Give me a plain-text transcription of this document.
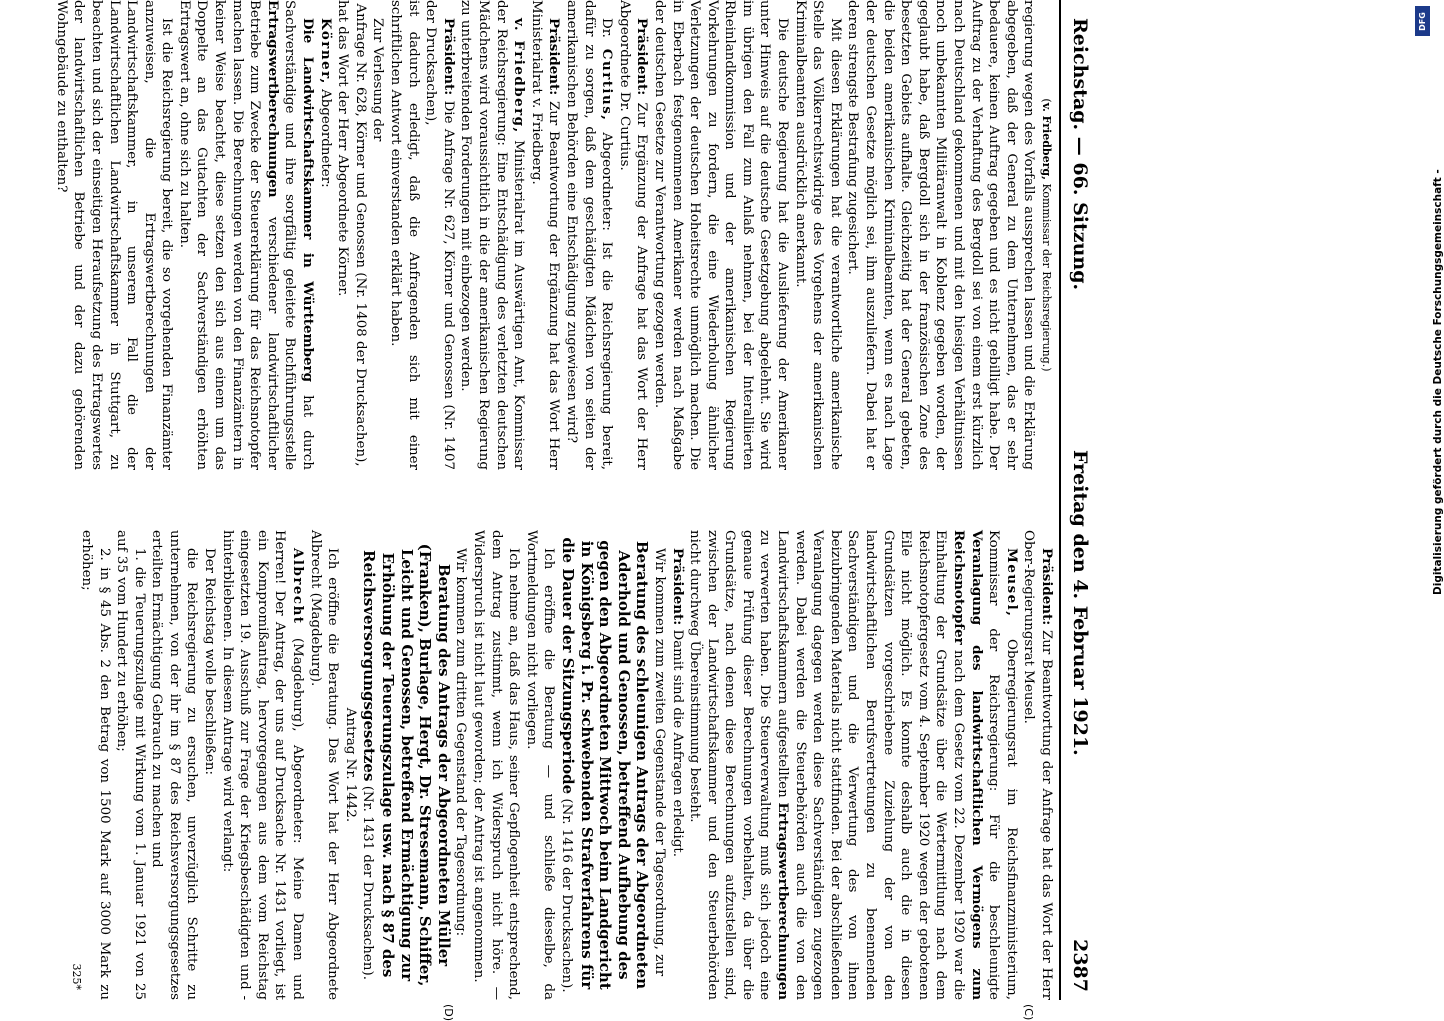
Reichstag. — 66. Sitzung.
Freitag den 4. Februar 1921.
2387

(v. Friedberg, Kommissar der Reichsregierung.)

regierung wegen des Vorfalls aussprechen lassen und die Erklärung abgegeben, daß der General zu dem Unternehmen, das er sehr bedauere, keinen Auftrag gegeben und es nicht gebilligt habe. Der Auftrag zu der Verhaftung des Bergdoll sei von einem erst kürzlich nach Deutschland gekommenen und mit den hiesigen Verhältnissen noch unbekannten Militäranwalt in Koblenz gegeben worden, der geglaubt habe, daß Bergdoll sich in der französischen Zone des besetzten Gebiets aufhalte. Gleichzeitig hat der General gebeten, die beiden amerikanischen Kriminalbeamten, wenn es nach Lage der deutschen Gesetze möglich sei, ihm auszuliefern. Dabei hat er deren strengste Bestrafung zugesichert.

Mit diesen Erklärungen hat die verantwortliche amerikanische Stelle das Völkerrechtswidrige des Vorgehens der amerikanischen Kriminalbeamten ausdrücklich anerkannt.

Die deutsche Regierung hat die Auslieferung der Amerikaner unter Hinweis auf die deutsche Gesetzgebung abgelehnt. Sie wird im übrigen den Fall zum Anlaß nehmen, bei der Interalliierten Rheinlandkommission und der amerikanischen Regierung Vorkehrungen zu fordern, die eine Wiederholung ähnlicher Verletzungen der deutschen Hoheitsrechte unmöglich machen. Die in Eberbach festgenommenen Amerikaner werden nach Maßgabe der deutschen Gesetze zur Verantwortung gezogen werden.

Präsident: Zur Ergänzung der Anfrage hat das Wort der Herr Abgeordnete Dr. Curtius.

Dr. Curtius, Abgeordneter: Ist die Reichsregierung bereit, dafür zu sorgen, daß dem geschädigten Mädchen von seiten der amerikanischen Behörden eine Entschädigung zugewiesen wird?

Präsident: Zur Beantwortung der Ergänzung hat das Wort Herr Ministerialrat v. Friedberg.

v. Friedberg, Ministerialrat im Auswärtigen Amt, Kommissar der Reichsregierung: Eine Entschädigung des verletzten deutschen Mädchens wird voraussichtlich in die der amerikanischen Regierung zu unterbreitenden Forderungen mit einbezogen werden.

Präsident: Die Anfrage Nr. 627, Körner und Genossen (Nr. 1407 der Drucksachen),

ist dadurch erledigt, daß die Anfragenden sich mit einer schriftlichen Antwort einverstanden erklärt haben.

Zur Verlesung der

Anfrage Nr. 628, Körner und Genossen (Nr. 1408 der Drucksachen),

hat das Wort der Herr Abgeordnete Körner.

Körner, Abgeordneter:

Die Landwirtschaftskammer in Württemberg hat durch Sachverständige und ihre sorgfältig geleitete Buchführungsstelle Ertragswertberechnungen verschiedener landwirtschaftlicher Betriebe zum Zwecke der Steuererklärung für das Reichsnotopfer machen lassen. Die Berechnungen werden von den Finanzämtern in keiner Weise beachtet, diese setzen den sich aus einem um das Doppelte an das Gutachten der Sachverständigen erhöhten Ertragswert an, ohne sich zu halten.

Ist die Reichsregierung bereit, die so vorgehenden Finanzämter anzuweisen, die Ertragswertberechnungen der Landwirtschaftskammer, in unserem Fall die der Landwirtschaftlichen Landwirtschaftskammer in Stuttgart, zu beachten und sich der einseitigen Heraufsetzung des Ertragswertes der landwirtschaftlichen Betriebe und der dazu gehörenden Wohngebäude zu enthalten?

Präsident: Zur Beantwortung der Anfrage hat das Wort der Herr Ober-Regierungsrat Meusel.

Meusel, Oberregierungsrat im Reichsfinanzministerium, Kommissar der Reichsregierung: Für die beschleunigte Veranlagung des landwirtschaftlichen Vermögens zum Reichsnotopfer nach dem Gesetz vom 22. Dezember 1920 war die Einhaltung der Grundsätze über die Wertermittlung nach dem Reichsnotopfergesetz vom 4. September 1920 wegen der gebotenen Eile nicht möglich. Es konnte deshalb auch die in diesen Grundsätzen vorgeschriebene Zuziehung der von den landwirtschaftlichen Berufsvertretungen zu benennenden Sachverständigen und die Verwertung des von ihnen beizubringenden Materials nicht stattfinden. Bei der abschließenden Veranlagung dagegen werden diese Sachverständigen zugezogen werden. Dabei werden die Steuerbehörden auch die von den Landwirtschaftskammern aufgestellten Ertragswertberechnungen zu verwerten haben. Die Steuerverwaltung muß sich jedoch eine genaue Prüfung dieser Berechnungen vorbehalten, da über die Grundsätze, nach denen diese Berechnungen aufzustellen sind, zwischen der Landwirtschaftskammer und den Steuerbehörden nicht durchweg Übereinstimmung besteht.

Präsident: Damit sind die Anfragen erledigt.

Wir kommen zum zweiten Gegenstande der Tagesordnung, zur

Beratung des schleunigen Antrags der Abgeordneten Aderhold und Genossen, betreffend Aufhebung des gegen den Abgeordneten Mittwoch beim Landgericht in Königsberg i. Pr. schwebenden Strafverfahrens für die Dauer der Sitzungsperiode (Nr. 1416 der Drucksachen).

Ich eröffne die Beratung — und schließe dieselbe, da Wortmeldungen nicht vorliegen.

Ich nehme an, daß das Haus, seiner Gepflogenheit entsprechend, dem Antrag zustimmt, wenn ich Widerspruch nicht höre. — Widerspruch ist nicht laut geworden; der Antrag ist angenommen.

Wir kommen zum dritten Gegenstand der Tagesordnung:

Beratung des Antrags der Abgeordneten Müller (Franken), Burlage, Hergt, Dr. Stresemann, Schiffer, Leicht und Genossen, betreffend Ermächtigung zur Erhöhung der Teuerungszulage usw. nach § 87 des Reichsversorgungsgesetzes (Nr. 1431 der Drucksachen).

Antrag Nr. 1442.

Ich eröffne die Beratung. Das Wort hat der Herr Abgeordnete Albrecht (Magdeburg).

Albrecht (Magdeburg), Abgeordneter: Meine Damen und Herren! Der Antrag, der uns auf Drucksache Nr. 1431 vorliegt, ist ein Kompromißantrag, hervorgegangen aus dem vom Reichstag eingesetzten 19. Ausschuß zur Frage der Kriegsbeschädigten und -hinterbliebenen. In diesem Antrage wird verlangt:

Der Reichstag wolle beschließen:

die Reichsregierung zu ersuchen, unverzüglich Schritte zu unternehmen, von der ihr im § 87 des Reichsversorgungsgesetzes erteilten Ermächtigung Gebrauch zu machen und

1. die Teuerungszulage mit Wirkung vom 1. Januar 1921 von 25 auf 35 vom Hundert zu erhöhen;

2. in § 45 Abs. 2 den Betrag von 1500 Mark auf 3000 Mark zu erhöhen;

325*
(C)
(D)
DFG
Digitalisierung gefördert durch die Deutsche Forschungsgemeinschaft -
